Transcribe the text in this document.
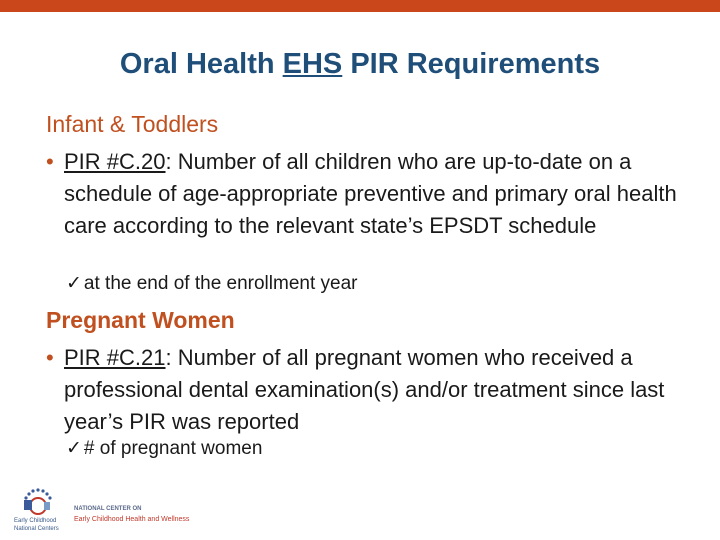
Oral Health EHS PIR Requirements
Infant & Toddlers
• PIR #C.20: Number of all children who are up-to-date on a schedule of age-appropriate preventive and primary oral health care according to the relevant state’s EPSDT schedule
✓ at the end of the enrollment year
Pregnant Women
• PIR #C.21: Number of all pregnant women who received a professional dental examination(s) and/or treatment since last year’s PIR was reported
✓ # of pregnant women
Early Childhood
National Centers
NATIONAL CENTER ON
Early Childhood Health and Wellness
